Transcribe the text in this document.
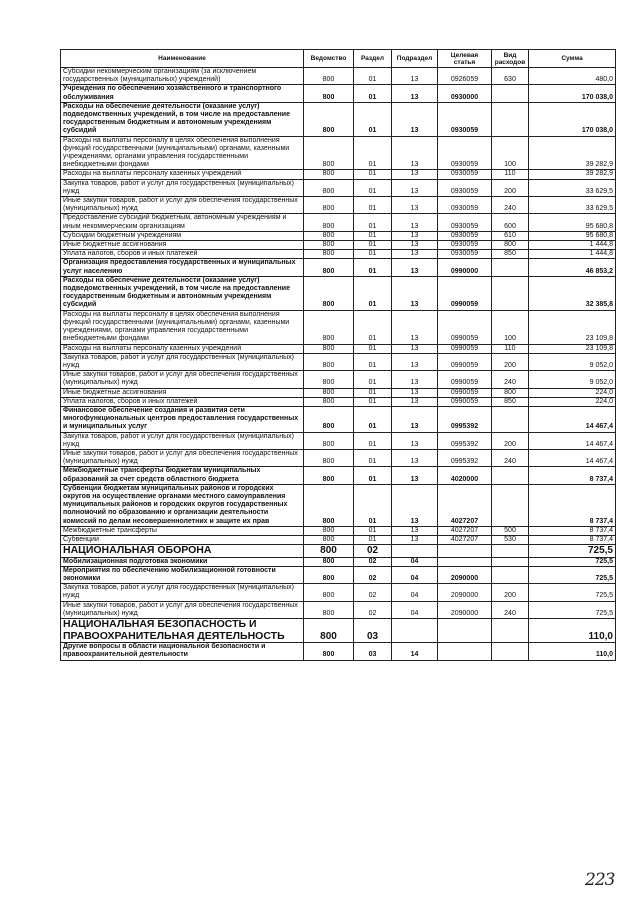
Наименование	Ведомство	Раздел	Подраздел	Целевая статья	Вид расходов	Сумма
Субсидии некоммерческим организациям (за исключением государственных (муниципальных) учреждений)	800	01	13	0926059	630	480,0
Учреждения по обеспечению хозяйственного и транспортного обслуживания	800	01	13	0930000		170 038,0
Расходы на обеспечение деятельности (оказание услуг) подведомственных учреждений, в том числе на предоставление государственным бюджетным и автономным учреждениям субсидий	800	01	13	0930059		170 038,0
Расходы на выплаты персоналу в целях обеспечения выполнения функций государственными (муниципальными) органами, казенными учреждениями, органами управления государственными внебюджетными фондами	800	01	13	0930059	100	39 282,9
Расходы на выплаты персоналу казенных учреждений	800	01	13	0930059	110	39 282,9
Закупка товаров, работ и услуг для государственных (муниципальных) нужд	800	01	13	0930059	200	33 629,5
Иные закупки товаров, работ и услуг для обеспечения государственных (муниципальных) нужд	800	01	13	0930059	240	33 629,5
Предоставление субсидий бюджетным, автономным учреждениям и иным некоммерческим организациям	800	01	13	0930059	600	95 680,8
Субсидии бюджетным учреждениям	800	01	13	0930059	610	95 680,8
Иные бюджетные ассигнования	800	01	13	0930059	800	1 444,8
Уплата налогов, сборов и иных платежей	800	01	13	0930059	850	1 444,8
Организация предоставления государственных и муниципальных услуг населению	800	01	13	0990000		46 853,2
Расходы на обеспечение деятельности (оказание услуг) подведомственных учреждений, в том числе на предоставление государственным бюджетным и автономным учреждениям субсидий	800	01	13	0990059		32 385,8
Расходы на выплаты персоналу в целях обеспечения выполнения функций государственными (муниципальными) органами, казенными учреждениями, органами управления государственными внебюджетными фондами	800	01	13	0990059	100	23 109,8
Расходы на выплаты персоналу казенных учреждений	800	01	13	0990059	110	23 109,8
Закупка товаров, работ и услуг для государственных (муниципальных) нужд	800	01	13	0990059	200	9 052,0
Иные закупки товаров, работ и услуг для обеспечения государственных (муниципальных) нужд	800	01	13	0990059	240	9 052,0
Иные бюджетные ассигнования	800	01	13	0990059	800	224,0
Уплата налогов, сборов и иных платежей	800	01	13	0990059	850	224,0
Финансовое обеспечение создания и развития сети многофункциональных центров предоставления государственных и муниципальных услуг	800	01	13	0995392		14 467,4
Закупка товаров, работ и услуг для государственных (муниципальных) нужд	800	01	13	0995392	200	14 467,4
Иные закупки товаров, работ и услуг для обеспечения государственных (муниципальных) нужд	800	01	13	0995392	240	14 467,4
Межбюджетные трансферты бюджетам муниципальных образований за счет средств областного бюджета	800	01	13	4020000		8 737,4
Субвенции бюджетам муниципальных районов и городских округов на осуществление органами местного самоуправления муниципальных районов и городских округов государственных полномочий по образованию и организации деятельности комиссий по делам несовершеннолетних и защите их прав	800	01	13	4027207		8 737,4
Межбюджетные трансферты	800	01	13	4027207	500	8 737,4
Субвенции	800	01	13	4027207	530	8 737,4
НАЦИОНАЛЬНАЯ ОБОРОНА	800	02				725,5
Мобилизационная подготовка экономики	800	02	04			725,5
Мероприятия по обеспечению мобилизационной готовности экономики	800	02	04	2090000		725,5
Закупка товаров, работ и услуг для государственных (муниципальных) нужд	800	02	04	2090000	200	725,5
Иные закупки товаров, работ и услуг для обеспечения государственных (муниципальных) нужд	800	02	04	2090000	240	725,5
НАЦИОНАЛЬНАЯ БЕЗОПАСНОСТЬ И ПРАВООХРАНИТЕЛЬНАЯ ДЕЯТЕЛЬНОСТЬ	800	03				110,0
Другие вопросы в области национальной безопасности и правоохранительной деятельности	800	03	14			110,0
223
